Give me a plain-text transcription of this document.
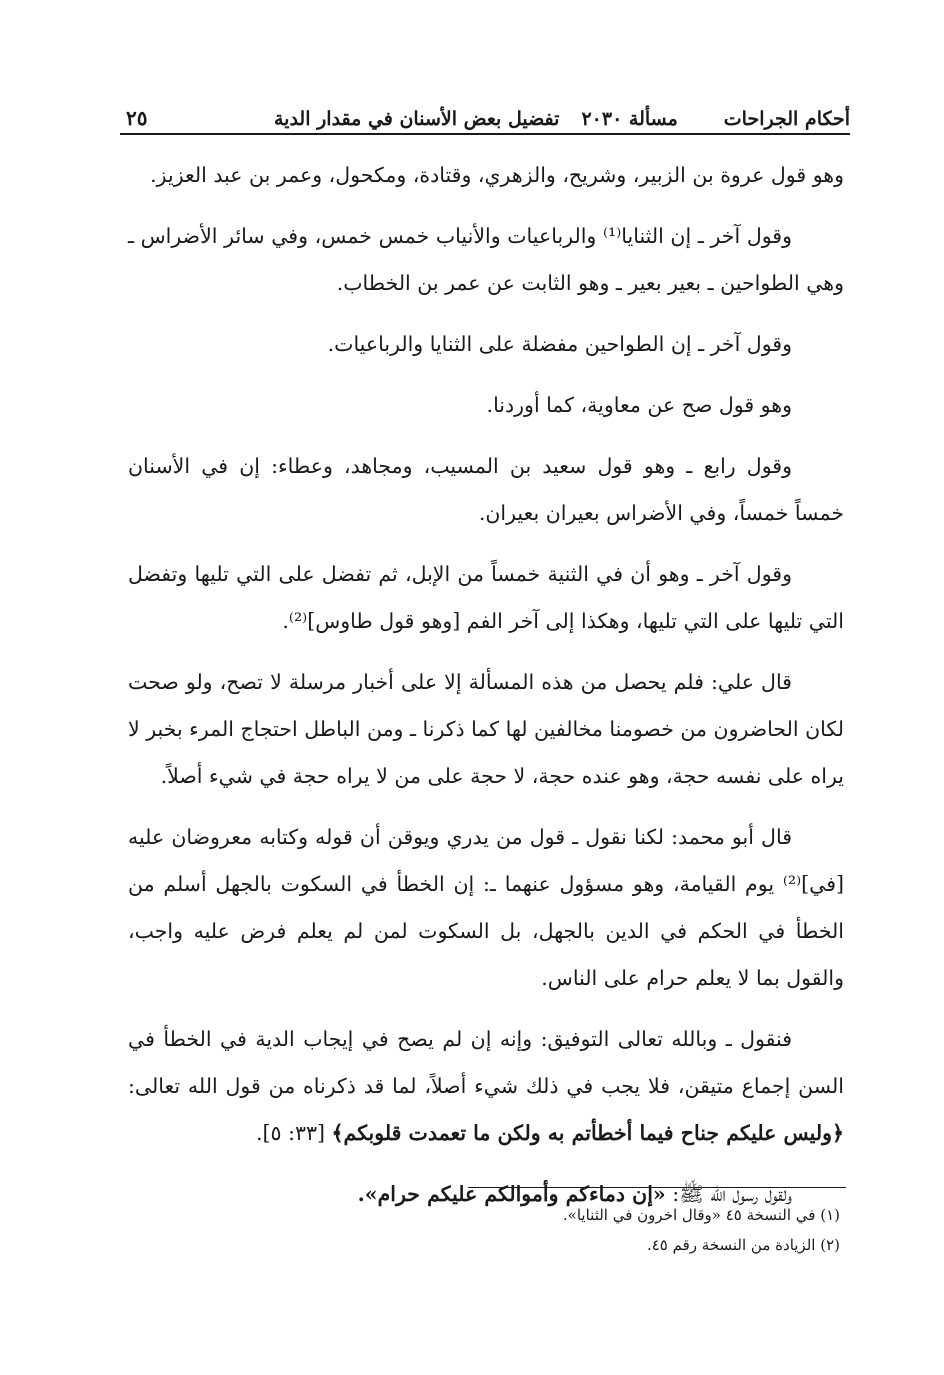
أحكام الجراحات
مسألة ٢٠٣٠
تفضيل بعض الأسنان في مقدار الدية
٢٥

وهو قول عروة بن الزبير، وشريح، والزهري، وقتادة، ومكحول، وعمر بن عبد العزيز.

وقول آخر ـ إن الثنايا⁽¹⁾ والرباعيات والأنياب خمس خمس، وفي سائر الأضراس ـ وهي الطواحين ـ بعير بعير ـ وهو الثابت عن عمر بن الخطاب.

وقول آخر ـ إن الطواحين مفضلة على الثنايا والرباعيات.

وهو قول صح عن معاوية، كما أوردنا.

وقول رابع ـ وهو قول سعيد بن المسيب، ومجاهد، وعطاء: إن في الأسنان خمساً خمساً، وفي الأضراس بعيران بعيران.

وقول آخر ـ وهو أن في الثنية خمساً من الإبل، ثم تفضل على التي تليها وتفضل التي تليها على التي تليها، وهكذا إلى آخر الفم [وهو قول طاوس]⁽²⁾.

قال علي: فلم يحصل من هذه المسألة إلا على أخبار مرسلة لا تصح، ولو صحت لكان الحاضرون من خصومنا مخالفين لها كما ذكرنا ـ ومن الباطل احتجاج المرء بخبر لا يراه على نفسه حجة، وهو عنده حجة، لا حجة على من لا يراه حجة في شيء أصلاً.

قال أبو محمد: لكنا نقول ـ قول من يدري ويوقن أن قوله وكتابه معروضان عليه [في]⁽²⁾ يوم القيامة، وهو مسؤول عنهما ـ: إن الخطأ في السكوت بالجهل أسلم من الخطأ في الحكم في الدين بالجهل، بل السكوت لمن لم يعلم فرض عليه واجب، والقول بما لا يعلم حرام على الناس.

فنقول ـ وبالله تعالى التوفيق: وإنه إن لم يصح في إيجاب الدية في الخطأ في السن إجماع متيقن، فلا يجب في ذلك شيء أصلاً، لما قد ذكرناه من قول الله تعالى: ﴿وليس عليكم جناح فيما أخطأتم به ولكن ما تعمدت قلوبكم﴾ [٣٣: ٥].

ولقول رسول الله ﷺ: «إن دماءكم وأموالكم عليكم حرام».

(١) في النسخة ٤٥ «وقال اخرون في الثنايا».
(٢) الزيادة من النسخة رقم ٤٥.
